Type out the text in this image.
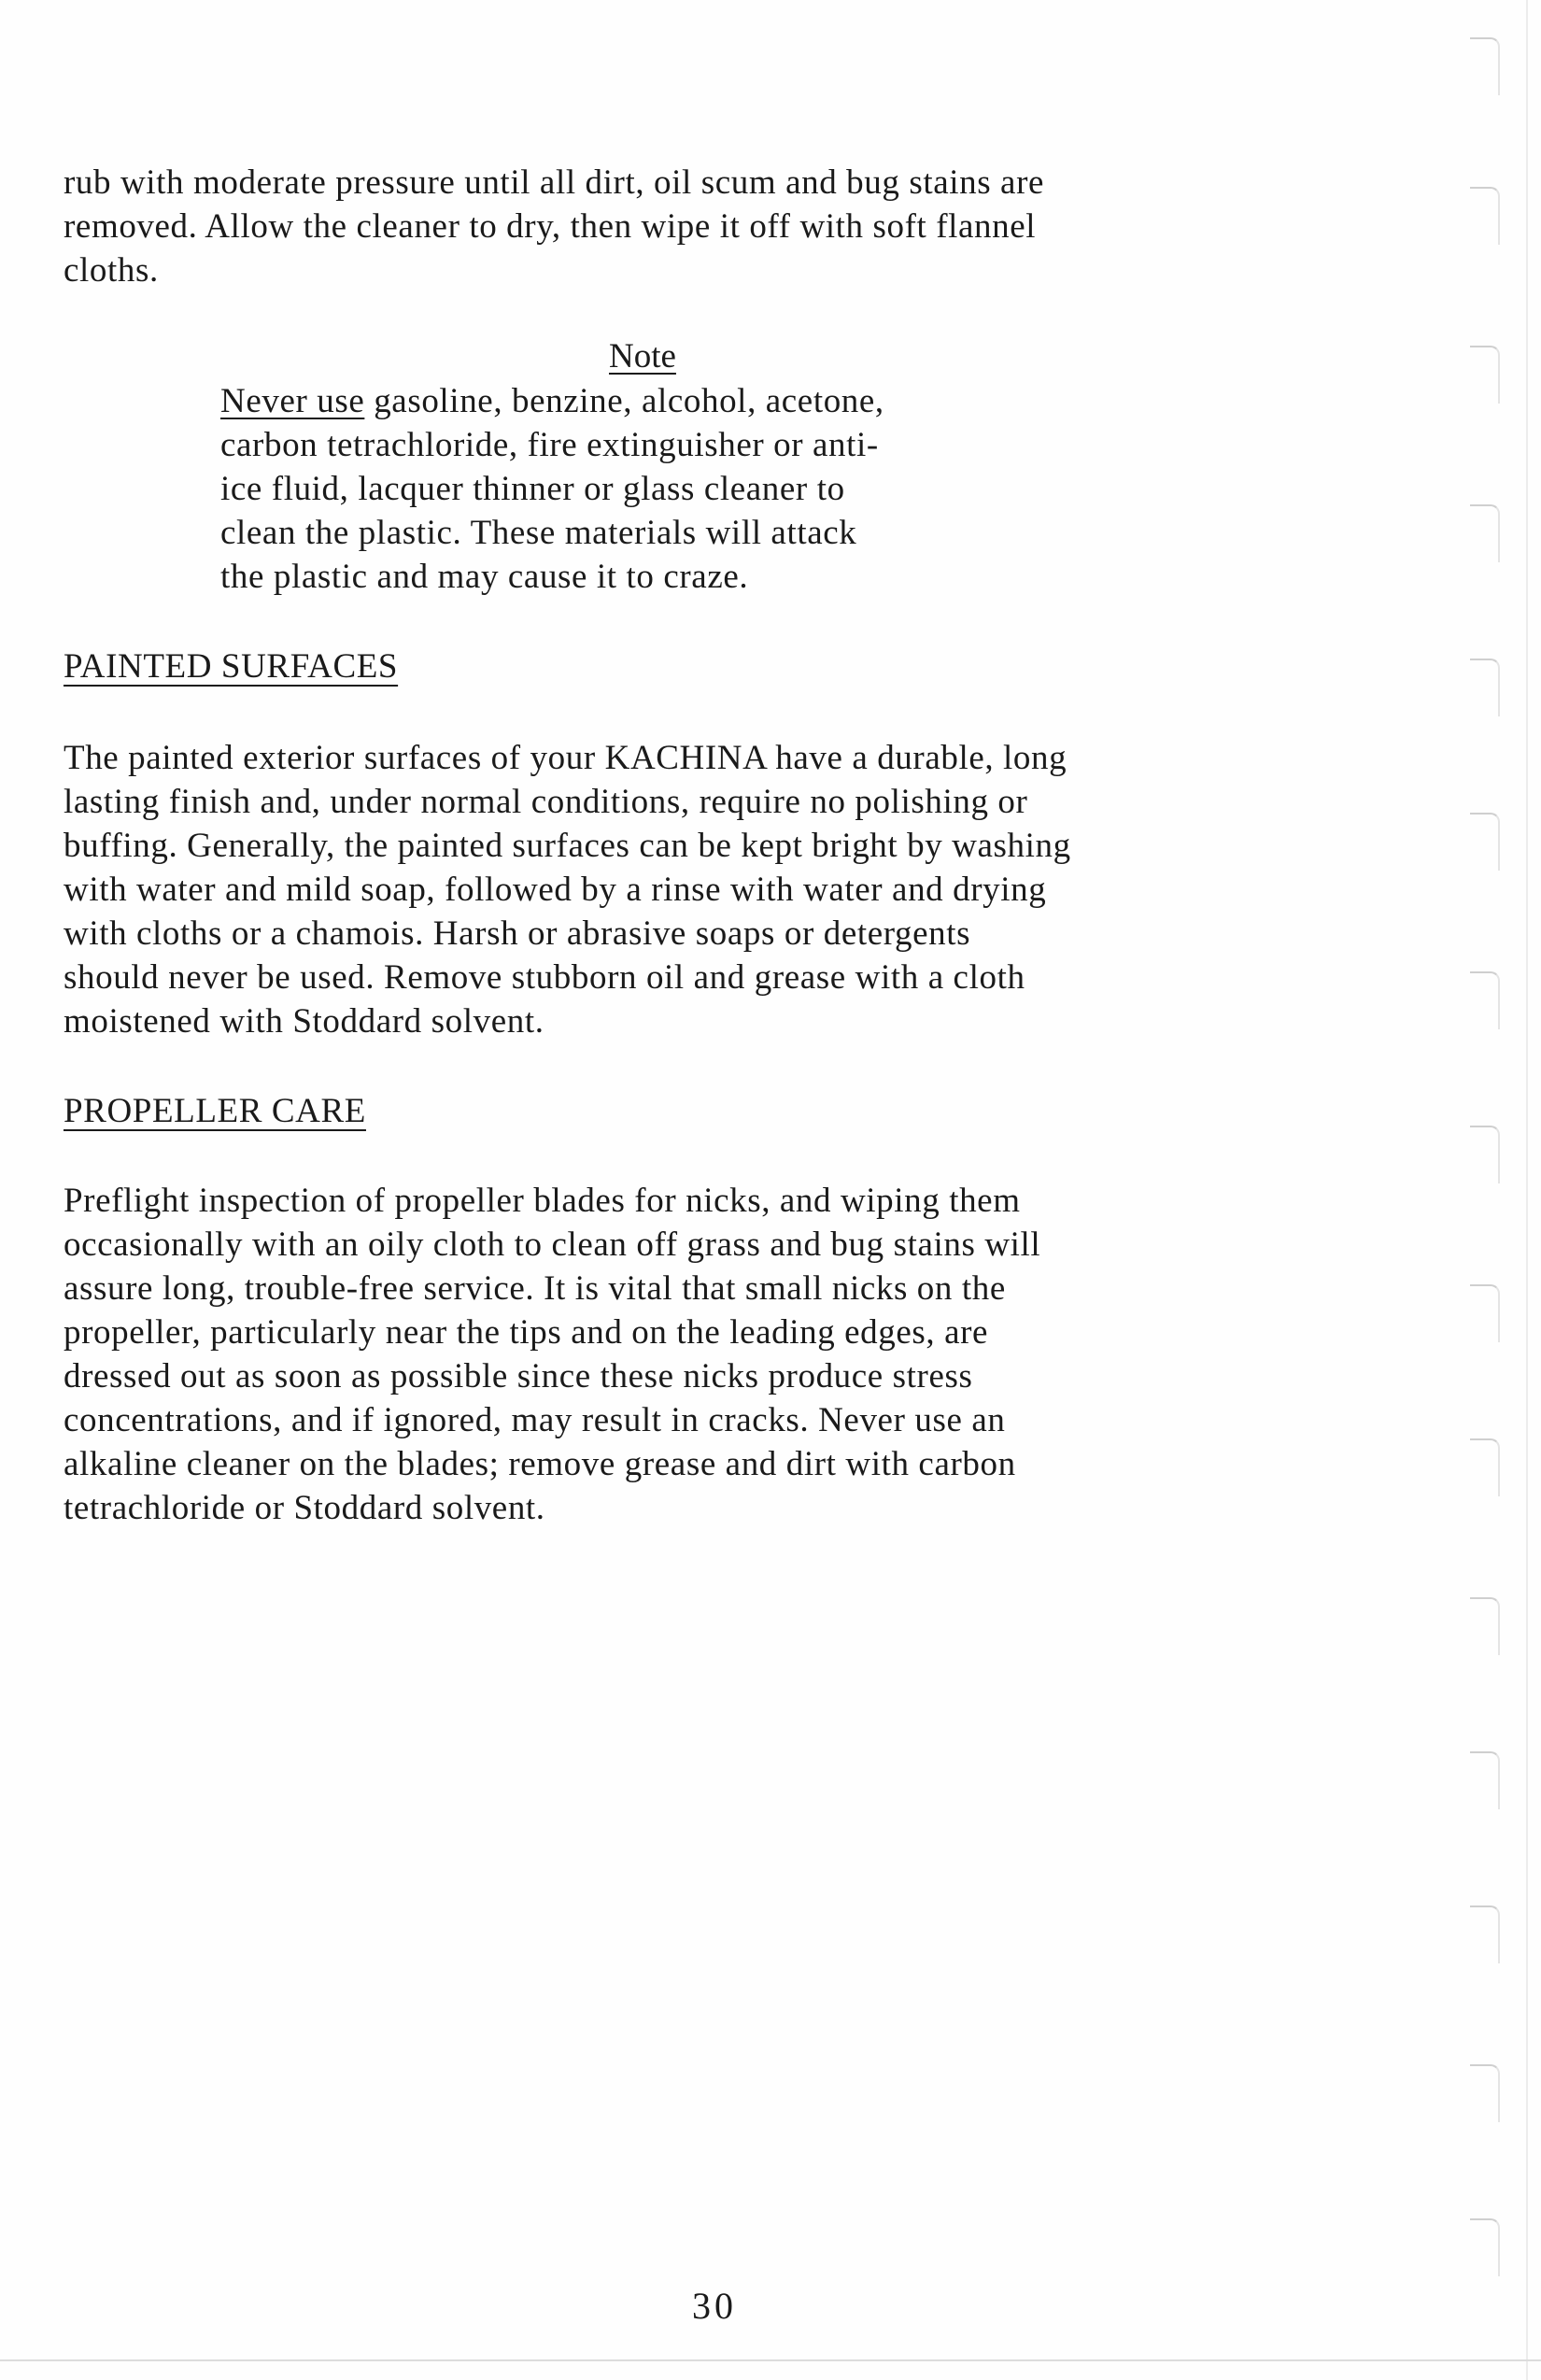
rub with moderate pressure until all dirt, oil scum and bug stains are
removed. Allow the cleaner to dry, then wipe it off with soft flannel
cloths.
Note
Never use gasoline, benzine, alcohol, acetone,
carbon tetrachloride, fire extinguisher or anti-
ice fluid, lacquer thinner or glass cleaner to
clean the plastic. These materials will attack
the plastic and may cause it to craze.
PAINTED SURFACES
The painted exterior surfaces of your KACHINA have a durable, long
lasting finish and, under normal conditions, require no polishing or
buffing. Generally, the painted surfaces can be kept bright by washing
with water and mild soap, followed by a rinse with water and drying
with cloths or a chamois. Harsh or abrasive soaps or detergents
should never be used. Remove stubborn oil and grease with a cloth
moistened with Stoddard solvent.
PROPELLER CARE
Preflight inspection of propeller blades for nicks, and wiping them
occasionally with an oily cloth to clean off grass and bug stains will
assure long, trouble-free service. It is vital that small nicks on the
propeller, particularly near the tips and on the leading edges, are
dressed out as soon as possible since these nicks produce stress
concentrations, and if ignored, may result in cracks. Never use an
alkaline cleaner on the blades; remove grease and dirt with carbon
tetrachloride or Stoddard solvent.
30
